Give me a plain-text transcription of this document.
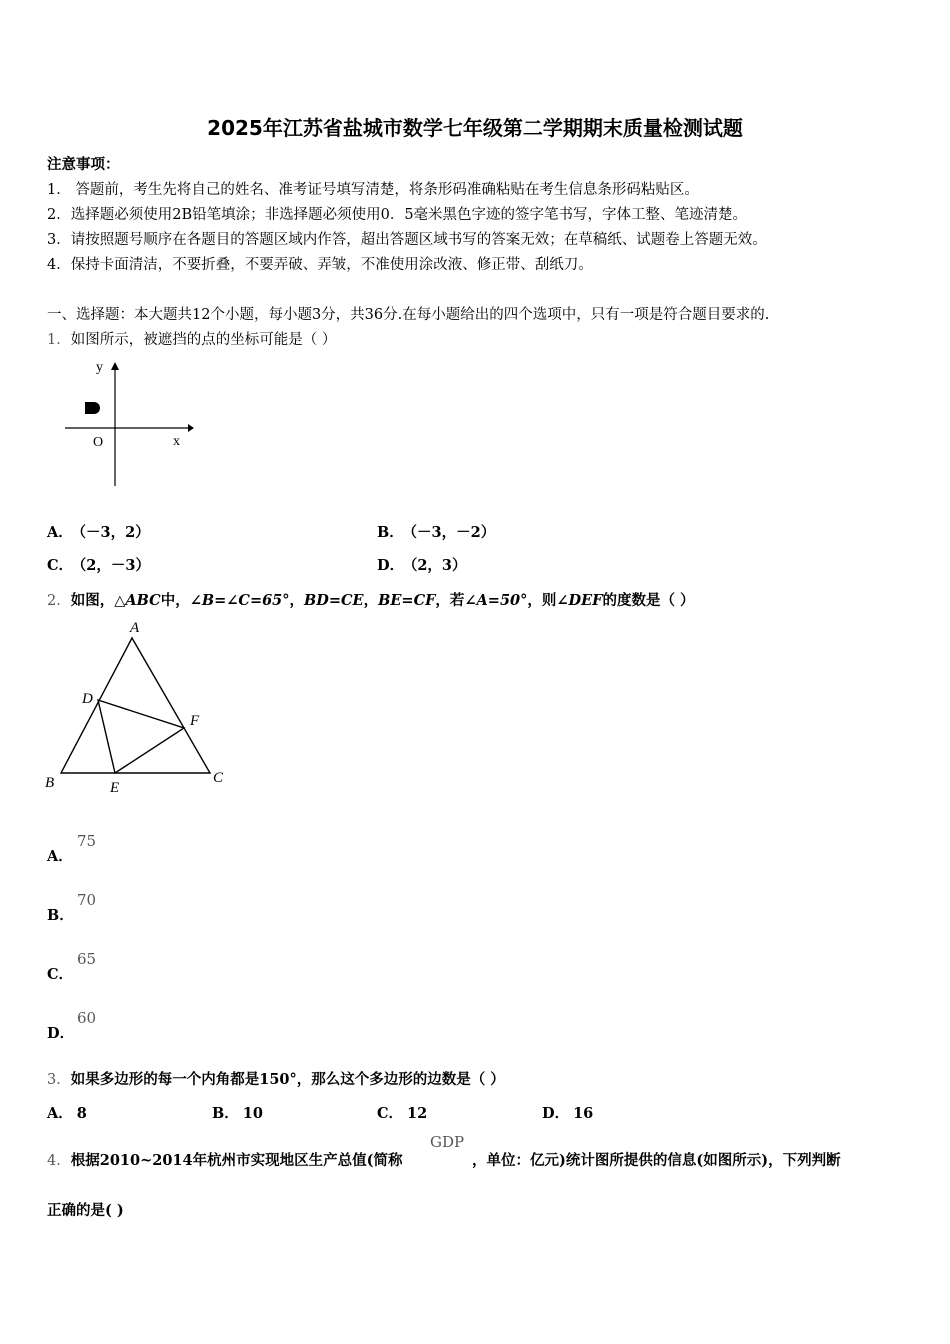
2025年江苏省盐城市数学七年级第二学期期末质量检测试题
注意事项：
1． 答题前，考生先将自己的姓名、准考证号填写清楚，将条形码准确粘贴在考生信息条形码粘贴区。
2．选择题必须使用2B铅笔填涂；非选择题必须使用0．5毫米黑色字迹的签字笔书写，字体工整、笔迹清楚。
3．请按照题号顺序在各题目的答题区域内作答，超出答题区域书写的答案无效；在草稿纸、试题卷上答题无效。
4．保持卡面清洁，不要折叠，不要弄破、弄皱，不准使用涂改液、修正带、刮纸刀。
一、选择题：本大题共12个小题，每小题3分，共36分.在每小题给出的四个选项中，只有一项是符合题目要求的.
1．如图所示，被遮挡的点的坐标可能是（ ）
y
x
O
A． （－3，2）	B． （－3，－2）
C． （2，－3）	D． （2，3）
2．如图，△ABC中，∠B=∠C=65°，BD=CE，BE=CF，若∠A=50°，则∠DEF的度数是（ ）
A
B	C
D
E
F
A．
75
B．
70
C．
65
D．
60
3．如果多边形的每一个内角都是150°，那么这个多边形的边数是（ ）
A． 8	B． 10	C． 12	D． 16
4．根据2010~2014年杭州市实现地区生产总值(简称
GDP
，单位：亿元)统计图所提供的信息(如图所示)，下列判断
正确的是( )
